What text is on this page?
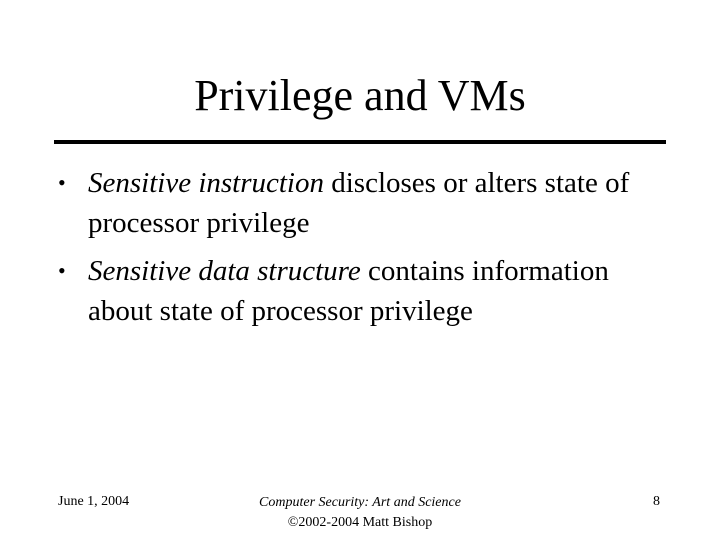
Privilege and VMs
• Sensitive instruction discloses or alters state of processor privilege
• Sensitive data structure contains information about state of processor privilege
June 1, 2004	Computer Security: Art and Science
©2002-2004 Matt Bishop
8
